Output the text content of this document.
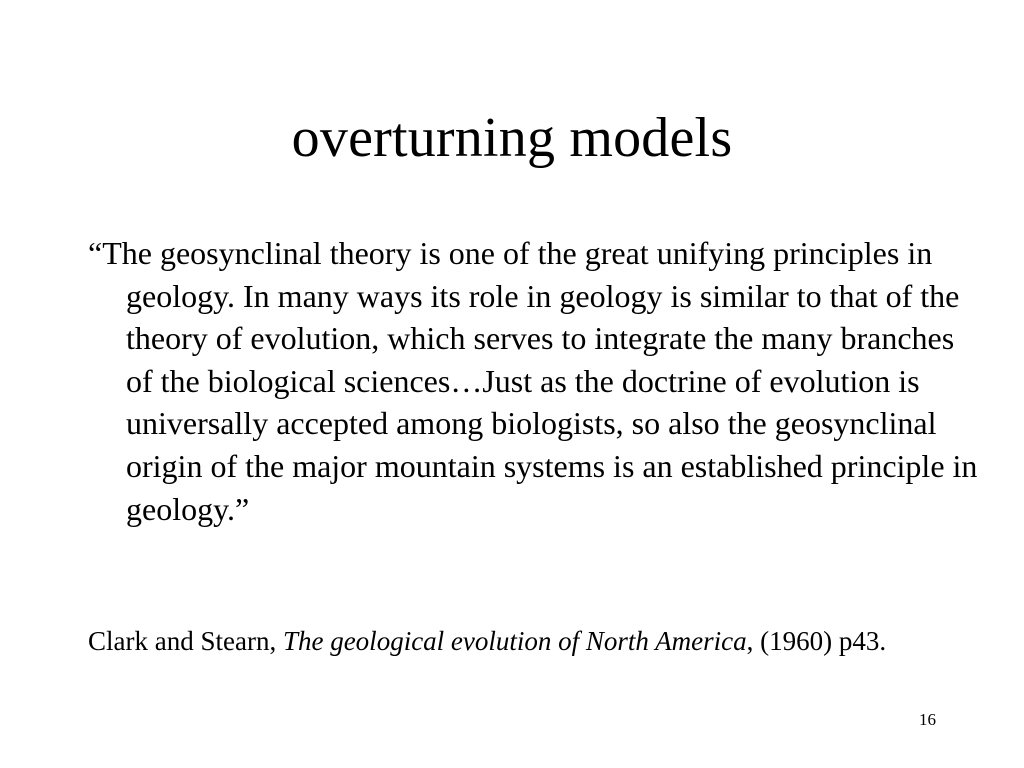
overturning models

“The geosynclinal theory is one of the great unifying principles in geology. In many ways its role in geology is similar to that of the theory of evolution, which serves to integrate the many branches of the biological sciences…Just as the doctrine of evolution is universally accepted among biologists, so also the geosynclinal origin of the major mountain systems is an established principle in geology.”

Clark and Stearn, The geological evolution of North America, (1960) p43.

16
